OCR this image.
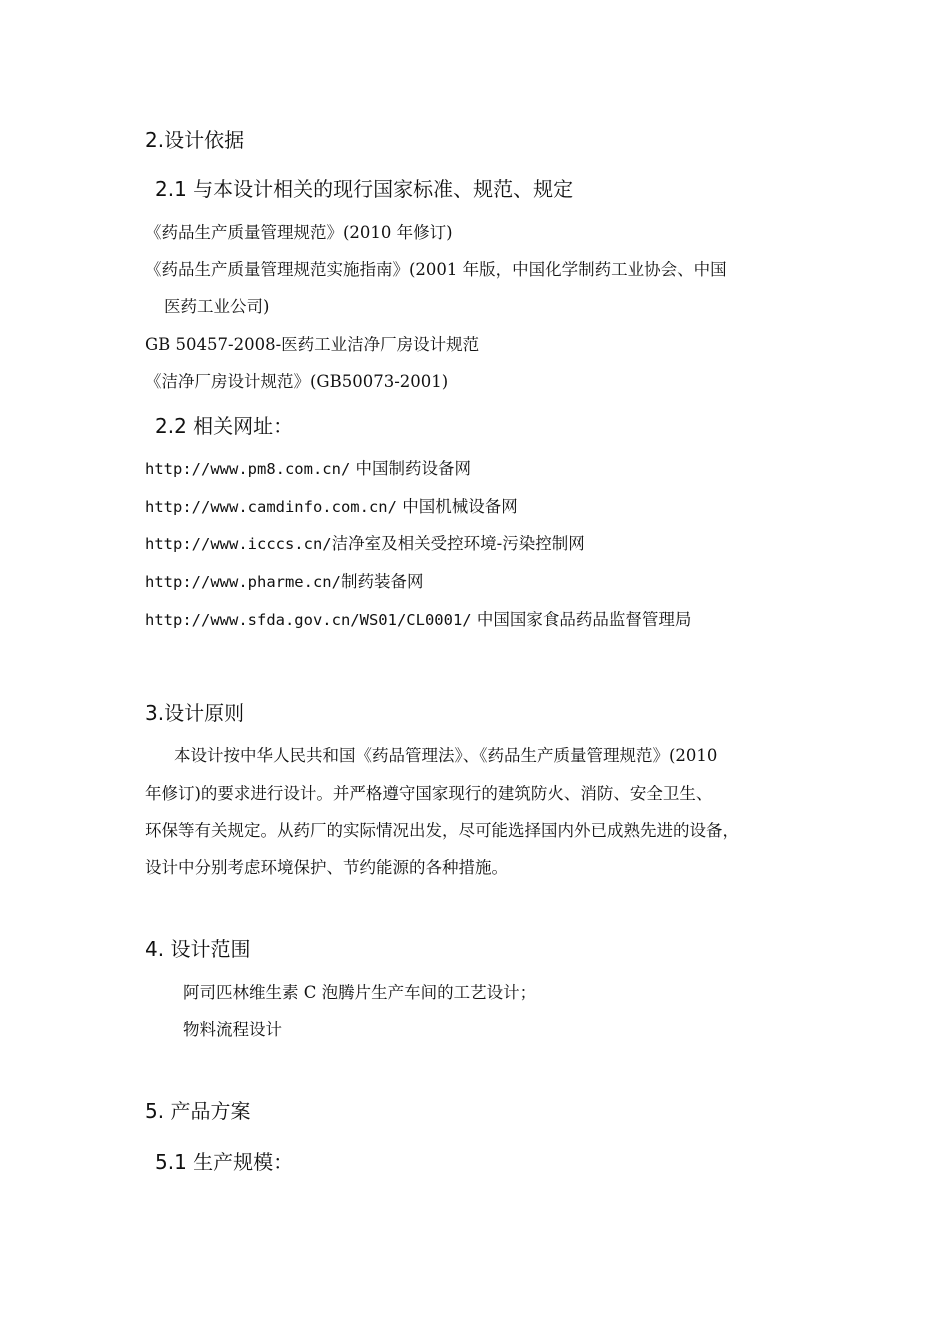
2.设计依据
2.1 与本设计相关的现行国家标准、规范、规定
《药品生产质量管理规范》(2010 年修订)
《药品生产质量管理规范实施指南》(2001 年版，中国化学制药工业协会、中国
医药工业公司)
GB 50457-2008-医药工业洁净厂房设计规范
《洁净厂房设计规范》(GB50073-2001)
2.2 相关网址：
http://www.pm8.com.cn/ 中国制药设备网
http://www.camdinfo.com.cn/ 中国机械设备网
http://www.icccs.cn/洁净室及相关受控环境-污染控制网
http://www.pharme.cn/制药装备网
http://www.sfda.gov.cn/WS01/CL0001/ 中国国家食品药品监督管理局
3.设计原则
本设计按中华人民共和国《药品管理法》、《药品生产质量管理规范》(2010
年修订)的要求进行设计。并严格遵守国家现行的建筑防火、消防、安全卫生、
环保等有关规定。从药厂的实际情况出发，尽可能选择国内外已成熟先进的设备，
设计中分别考虑环境保护、节约能源的各种措施。
4. 设计范围
阿司匹林维生素 C 泡腾片生产车间的工艺设计；
物料流程设计
5. 产品方案
5.1 生产规模：
